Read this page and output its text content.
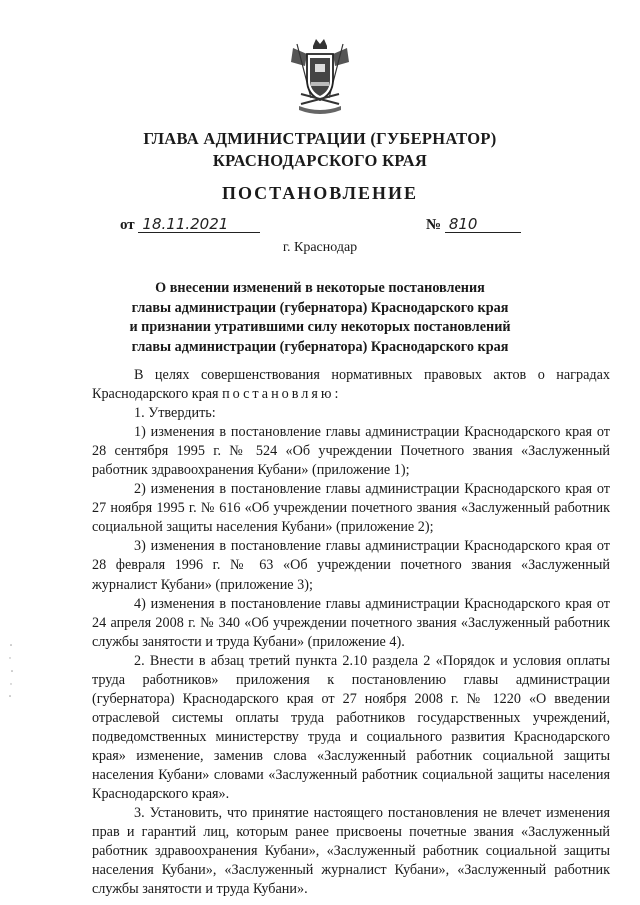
ГЛАВА АДМИНИСТРАЦИИ (ГУБЕРНАТОР)
КРАСНОДАРСКОГО КРАЯ
ПОСТАНОВЛЕНИЕ
от 18.11.2021	№ 810
г. Краснодар
О внесении изменений в некоторые постановления
главы администрации (губернатора) Краснодарского края
и признании утратившими силу некоторых постановлений
главы администрации (губернатора) Краснодарского края

В целях совершенствования нормативных правовых актов о наградах Краснодарского края постановляю:

1. Утвердить:

1) изменения в постановление главы администрации Краснодарского края от 28 сентября 1995 г. № 524 «Об учреждении Почетного звания «Заслуженный работник здравоохранения Кубани» (приложение 1);

2) изменения в постановление главы администрации Краснодарского края от 27 ноября 1995 г. № 616 «Об учреждении почетного звания «Заслуженный работник социальной защиты населения Кубани» (приложение 2);

3) изменения в постановление главы администрации Краснодарского края от 28 февраля 1996 г. № 63 «Об учреждении почетного звания «Заслуженный журналист Кубани» (приложение 3);

4) изменения в постановление главы администрации Краснодарского края от 24 апреля 2008 г. № 340 «Об учреждении почетного звания «Заслуженный работник службы занятости и труда Кубани» (приложение 4).

2. Внести в абзац третий пункта 2.10 раздела 2 «Порядок и условия оплаты труда работников» приложения к постановлению главы администрации (губернатора) Краснодарского края от 27 ноября 2008 г. № 1220 «О введении отраслевой системы оплаты труда работников государственных учреждений, подведомственных министерству труда и социального развития Краснодарского края» изменение, заменив слова «Заслуженный работник социальной защиты населения Кубани» словами «Заслуженный работник социальной защиты населения Краснодарского края».

3. Установить, что принятие настоящего постановления не влечет изменения прав и гарантий лиц, которым ранее присвоены почетные звания «Заслуженный работник здравоохранения Кубани», «Заслуженный работник социальной защиты населения Кубани», «Заслуженный журналист Кубани», «Заслуженный работник службы занятости и труда Кубани».
